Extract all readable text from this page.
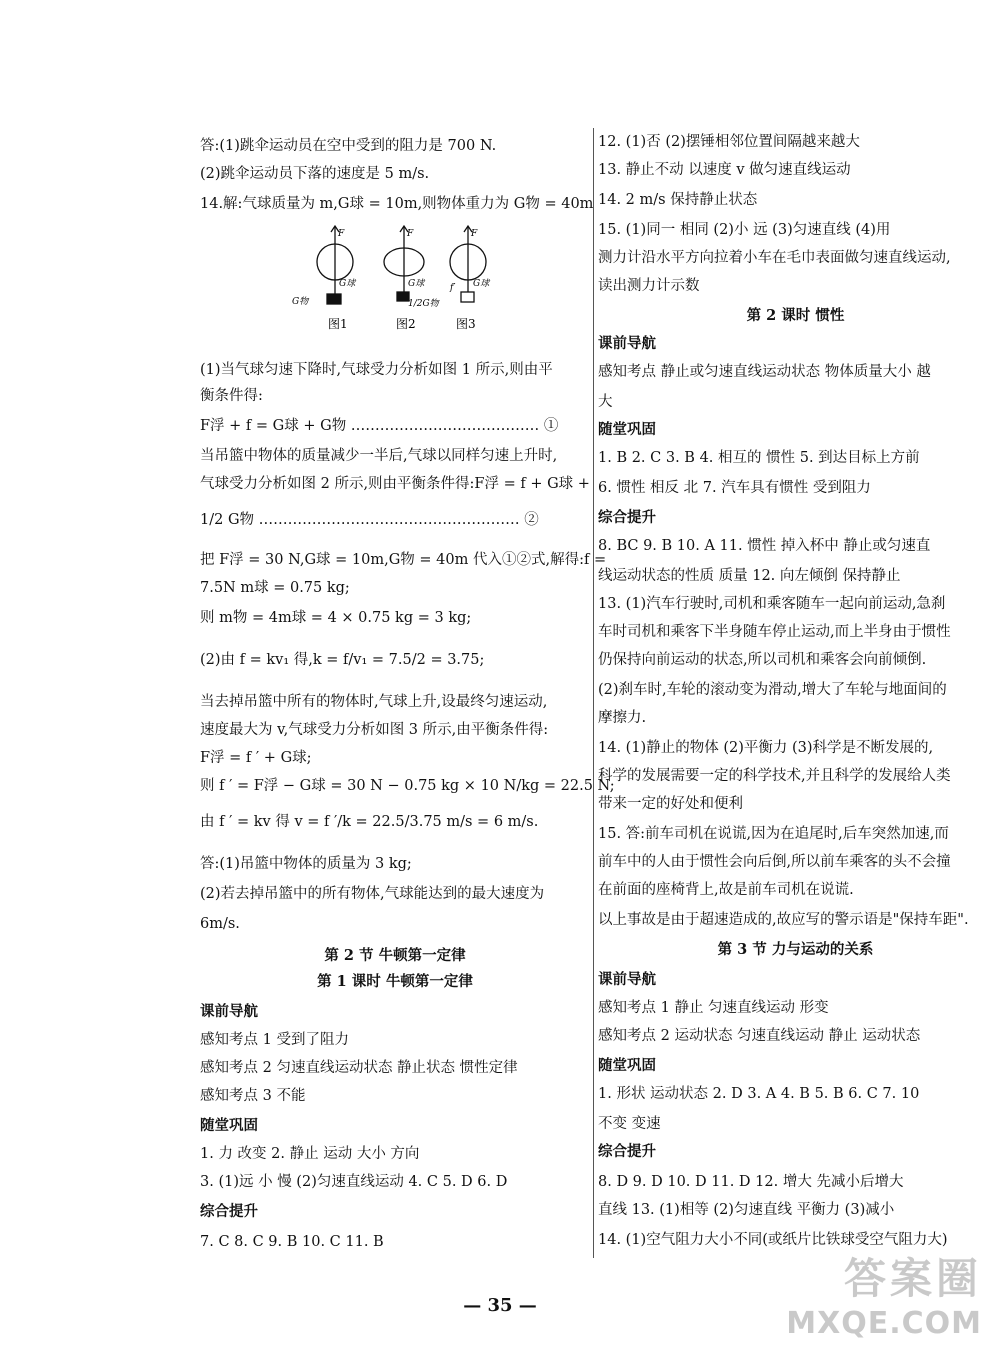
答:(1)跳伞运动员在空中受到的阻力是 700 N.
(2)跳伞运动员下落的速度是 5 m/s.
14.解:气球质量为 m,G球 = 10m,则物体重力为 G物 = 40m
F	F	F
G物
G球	G球
1/2G物
G球
f′
图1	图2	图3
(1)当气球匀速下降时,气球受力分析如图 1 所示,则由平
衡条件得:
F浮 + f = G球 + G物 ………………………………… ①
当吊篮中物体的质量减少一半后,气球以同样匀速上升时,
气球受力分析如图 2 所示,则由平衡条件得:F浮 = f + G球 +
1/2 G物 ……………………………………………… ②
把 F浮 = 30 N,G球 = 10m,G物 = 40m 代入①②式,解得:f =
7.5N m球 = 0.75 kg;
则 m物 = 4m球 = 4 × 0.75 kg = 3 kg;
(2)由 f = kv₁ 得,k = f/v₁ = 7.5/2 = 3.75;
当去掉吊篮中所有的物体时,气球上升,设最终匀速运动,
速度最大为 v,气球受力分析如图 3 所示,由平衡条件得:
F浮 = f ′ + G球;
则 f ′ = F浮 − G球 = 30 N − 0.75 kg × 10 N/kg = 22.5 N;
由 f ′ = kv 得 v = f ′/k = 22.5/3.75 m/s = 6 m/s.
答:(1)吊篮中物体的质量为 3 kg;
(2)若去掉吊篮中的所有物体,气球能达到的最大速度为
6m/s.
第 2 节 牛顿第一定律
第 1 课时 牛顿第一定律
课前导航
感知考点 1 受到了阻力
感知考点 2 匀速直线运动状态 静止状态 惯性定律
感知考点 3 不能
随堂巩固
1. 力 改变 2. 静止 运动 大小 方向
3. (1)远 小 慢 (2)匀速直线运动 4. C 5. D 6. D
综合提升
7. C 8. C 9. B 10. C 11. B
12. (1)否 (2)摆锤相邻位置间隔越来越大
13. 静止不动 以速度 v 做匀速直线运动
14. 2 m/s 保持静止状态
15. (1)同一 相同 (2)小 远 (3)匀速直线 (4)用
测力计沿水平方向拉着小车在毛巾表面做匀速直线运动,
读出测力计示数
第 2 课时 惯性
课前导航
感知考点 静止或匀速直线运动状态 物体质量大小 越
大
随堂巩固
1. B 2. C 3. B 4. 相互的 惯性 5. 到达目标上方前
6. 惯性 相反 北 7. 汽车具有惯性 受到阻力
综合提升
8. BC 9. B 10. A 11. 惯性 掉入杯中 静止或匀速直
线运动状态的性质 质量 12. 向左倾倒 保持静止
13. (1)汽车行驶时,司机和乘客随车一起向前运动,急刹
车时司机和乘客下半身随车停止运动,而上半身由于惯性
仍保持向前运动的状态,所以司机和乘客会向前倾倒.
(2)刹车时,车轮的滚动变为滑动,增大了车轮与地面间的
摩擦力.
14. (1)静止的物体 (2)平衡力 (3)科学是不断发展的,
科学的发展需要一定的科学技术,并且科学的发展给人类
带来一定的好处和便利
15. 答:前车司机在说谎,因为在追尾时,后车突然加速,而
前车中的人由于惯性会向后倒,所以前车乘客的头不会撞
在前面的座椅背上,故是前车司机在说谎.
以上事故是由于超速造成的,故应写的警示语是"保持车距".
第 3 节 力与运动的关系
课前导航
感知考点 1 静止 匀速直线运动 形变
感知考点 2 运动状态 匀速直线运动 静止 运动状态
随堂巩固
1. 形状 运动状态 2. D 3. A 4. B 5. B 6. C 7. 10
不变 变速
综合提升
8. D 9. D 10. D 11. D 12. 增大 先减小后增大
直线 13. (1)相等 (2)匀速直线 平衡力 (3)减小
14. (1)空气阻力大小不同(或纸片比铁球受空气阻力大)
— 35 —
答案圈
MXQE.COM
